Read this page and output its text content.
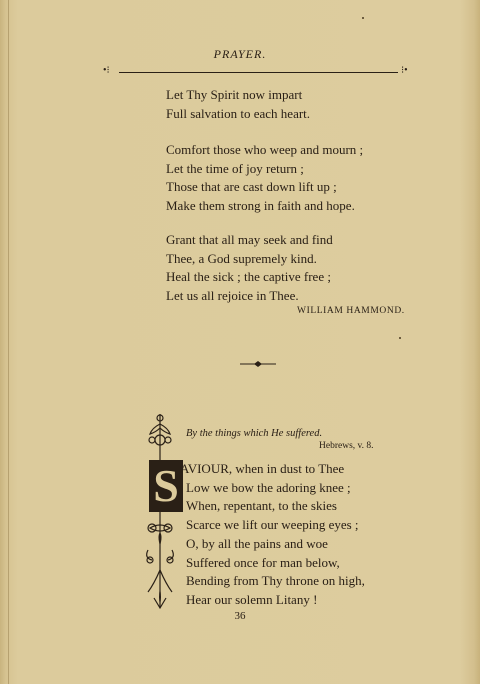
PRAYER.
•⁝	⁝•
Let Thy Spirit now impart
Full salvation to each heart.
Comfort those who weep and mourn ;
Let the time of joy return ;
Those that are cast down lift up ;
Make them strong in faith and hope.
Grant that all may seek and find
Thee, a God supremely kind.
Heal the sick ; the captive free ;
Let us all rejoice in Thee.
WILLIAM HAMMOND.
By the things which He suffered.
Hebrews, v. 8.
S AVIOUR, when in dust to Thee
Low we bow the adoring knee ;
When, repentant, to the skies
Scarce we lift our weeping eyes ;
O, by all the pains and woe
Suffered once for man below,
Bending from Thy throne on high,
Hear our solemn Litany !
36
